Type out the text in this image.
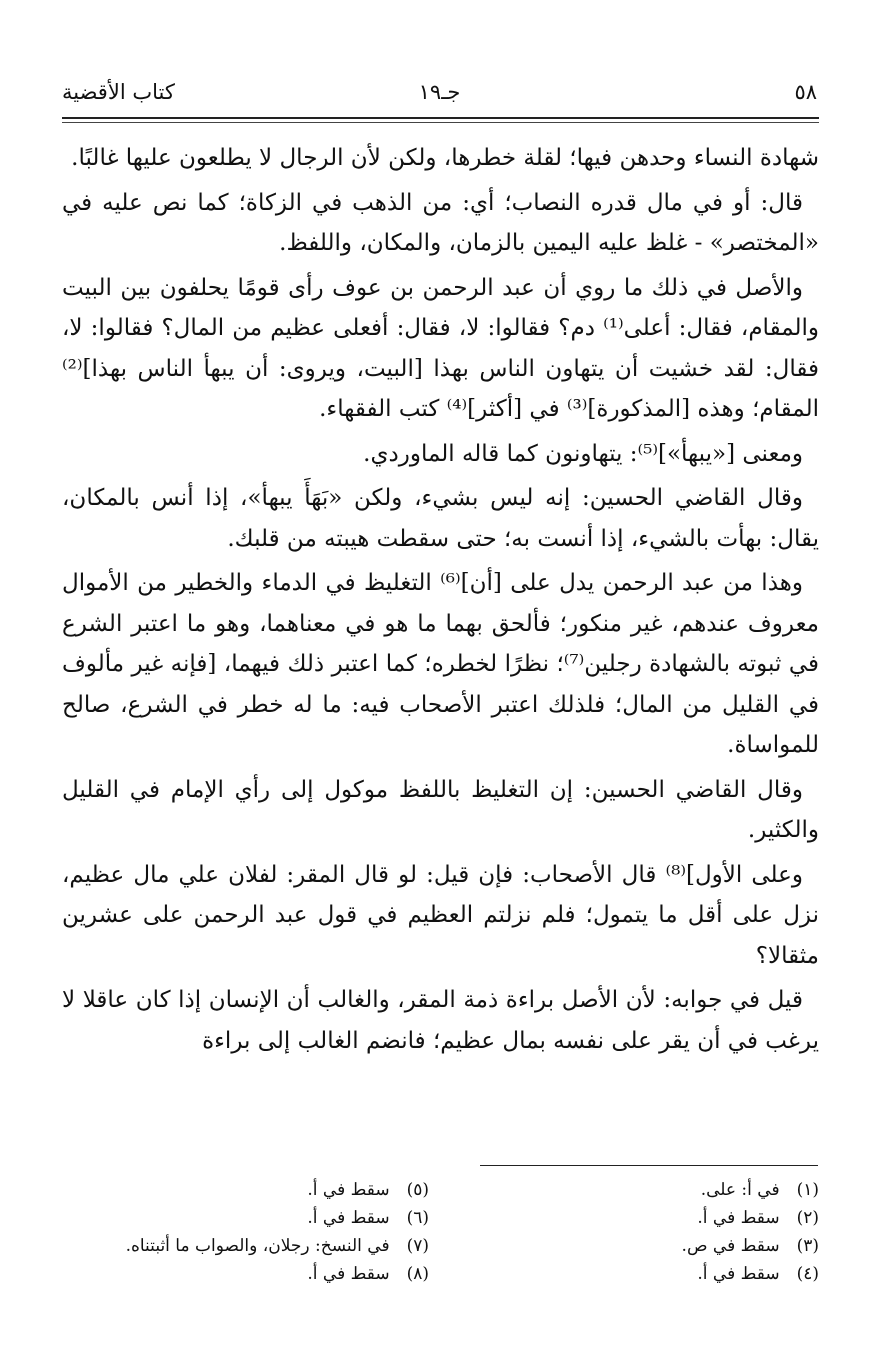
٥٨
جـ١٩
كتاب الأقضية

شهادة النساء وحدهن فيها؛ لقلة خطرها، ولكن لأن الرجال لا يطلعون عليها غالبًا.

قال: أو في مال قدره النصاب؛ أي: من الذهب في الزكاة؛ كما نص عليه في «المختصر» - غلظ عليه اليمين بالزمان، والمكان، واللفظ.

والأصل في ذلك ما روي أن عبد الرحمن بن عوف رأى قومًا يحلفون بين البيت والمقام، فقال: أعلى⁽¹⁾ دم؟ فقالوا: لا، فقال: أفعلى عظيم من المال؟ فقالوا: لا، فقال: لقد خشيت أن يتهاون الناس بهذا [البيت، ويروى: أن يبهأ الناس بهذا]⁽²⁾ المقام؛ وهذه [المذكورة]⁽³⁾ في [أكثر]⁽⁴⁾ كتب الفقهاء.

ومعنى [«يبهأ»]⁽⁵⁾: يتهاونون كما قاله الماوردي.

وقال القاضي الحسين: إنه ليس بشيء، ولكن «بَهَأَ يبهأ»، إذا أنس بالمكان، يقال: بهأت بالشيء، إذا أنست به؛ حتى سقطت هيبته من قلبك.

وهذا من عبد الرحمن يدل على [أن]⁽⁶⁾ التغليظ في الدماء والخطير من الأموال معروف عندهم، غير منكور؛ فألحق بهما ما هو في معناهما، وهو ما اعتبر الشرع في ثبوته بالشهادة رجلين⁽⁷⁾؛ نظرًا لخطره؛ كما اعتبر ذلك فيهما، [فإنه غير مألوف في القليل من المال؛ فلذلك اعتبر الأصحاب فيه: ما له خطر في الشرع، صالح للمواساة.

وقال القاضي الحسين: إن التغليظ باللفظ موكول إلى رأي الإمام في القليل والكثير.

وعلى الأول]⁽⁸⁾ قال الأصحاب: فإن قيل: لو قال المقر: لفلان علي مال عظيم، نزل على أقل ما يتمول؛ فلم نزلتم العظيم في قول عبد الرحمن على عشرين مثقالا؟

قيل في جوابه: لأن الأصل براءة ذمة المقر، والغالب أن الإنسان إذا كان عاقلا لا يرغب في أن يقر على نفسه بمال عظيم؛ فانضم الغالب إلى براءة

(١) في أ: على.
(٢) سقط في أ.
(٣) سقط في ص.
(٤) سقط في أ.
(٥) سقط في أ.
(٦) سقط في أ.
(٧) في النسخ: رجلان، والصواب ما أثبتناه.
(٨) سقط في أ.
